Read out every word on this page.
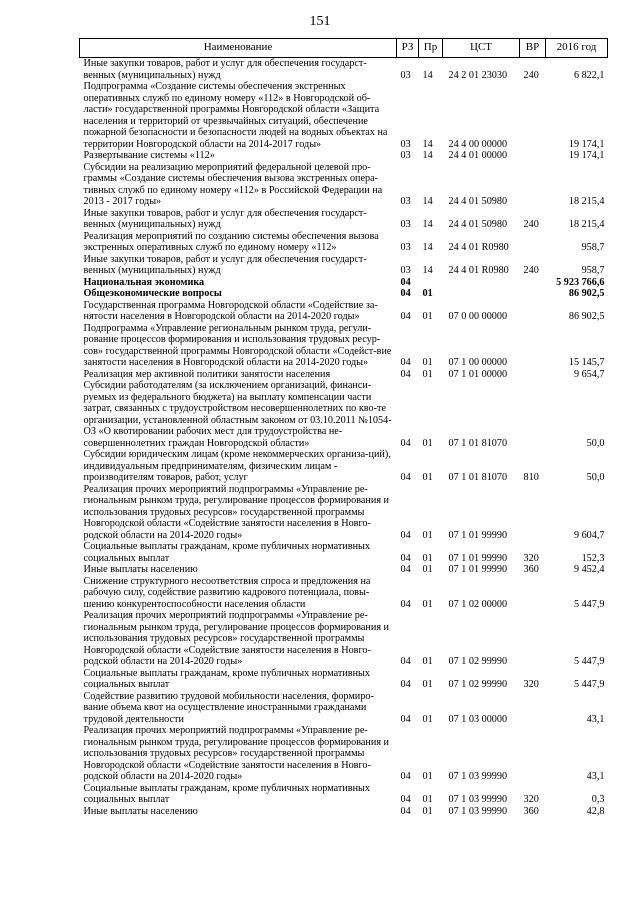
151
Наименование	РЗ	Пр	ЦСТ	ВР	2016 год
Иные закупки товаров, работ и услуг для обеспечения государст-венных (муниципальных) нужд	03	14	24 2 01 23030	240	6 822,1
Подпрограмма «Создание системы обеспечения экстренных оперативных служб по единому номеру «112» в Новгородской об-ласти» государственной программы Новгородской области «Защита населения и территорий от чрезвычайных ситуаций, обеспечение пожарной безопасности и безопасности людей на водных объектах на территории Новгородской области на 2014-2017 годы»	03	14	24 4 00 00000		19 174,1
Развертывание системы «112»	03	14	24 4 01 00000		19 174,1
Субсидии на реализацию мероприятий федеральной целевой про-граммы «Создание системы обеспечения вызова экстренных опера-тивных служб по единому номеру «112» в Российской Федерации на 2013 - 2017 годы»	03	14	24 4 01 50980		18 215,4
Иные закупки товаров, работ и услуг для обеспечения государст-венных (муниципальных) нужд	03	14	24 4 01 50980	240	18 215,4
Реализация мероприятий по созданию системы обеспечения вызова экстренных оперативных служб по единому номеру «112»	03	14	24 4 01 R0980		958,7
Иные закупки товаров, работ и услуг для обеспечения государст-венных (муниципальных) нужд	03	14	24 4 01 R0980	240	958,7
Национальная экономика	04				5 923 766,6
Общеэкономические вопросы	04	01			86 902,5
Государственная программа Новгородской области «Содействие за-нятости населения в Новгородской области на 2014-2020 годы»	04	01	07 0 00 00000		86 902,5
Подпрограмма «Управление региональным рынком труда, регули-рование процессов формирования и использования трудовых ресур-сов» государственной программы Новгородской области «Содейст-вие занятости населения в Новгородской области на 2014-2020 годы»	04	01	07 1 00 00000		15 145,7
Реализация мер активной политики занятости населения	04	01	07 1 01 00000		9 654,7
Субсидии работодателям (за исключением организаций, финанси-руемых из федерального бюджета) на выплату компенсации части затрат, связанных с трудоустройством несовершеннолетних по кво-те организации, установленной областным законом от 03.10.2011 №1054-ОЗ «О квотировании рабочих мест для трудоустройства не-совершеннолетних граждан Новгородской области»	04	01	07 1 01 81070		50,0
Субсидии юридическим лицам (кроме некоммерческих организа-ций), индивидуальным предпринимателям, физическим лицам - производителям товаров, работ, услуг	04	01	07 1 01 81070	810	50,0
Реализация прочих мероприятий подпрограммы «Управление ре-гиональным рынком труда, регулирование процессов формирования и использования трудовых ресурсов» государственной программы Новгородской области «Содействие занятости населения в Новго-родской области на 2014-2020 годы»	04	01	07 1 01 99990		9 604,7
Социальные выплаты гражданам, кроме публичных нормативных социальных выплат	04	01	07 1 01 99990	320	152,3
Иные выплаты населению	04	01	07 1 01 99990	360	9 452,4
Снижение структурного несоответствия спроса и предложения на рабочую силу, содействие развитию кадрового потенциала, повы-шению конкурентоспособности населения области	04	01	07 1 02 00000		5 447,9
Реализация прочих мероприятий подпрограммы «Управление ре-гиональным рынком труда, регулирование процессов формирования и использования трудовых ресурсов» государственной программы Новгородской области «Содействие занятости населения в Новго-родской области на 2014-2020 годы»	04	01	07 1 02 99990		5 447,9
Социальные выплаты гражданам, кроме публичных нормативных социальных выплат	04	01	07 1 02 99990	320	5 447,9
Содействие развитию трудовой мобильности населения, формиро-вание объема квот на осуществление иностранными гражданами трудовой деятельности	04	01	07 1 03 00000		43,1
Реализация прочих мероприятий подпрограммы «Управление ре-гиональным рынком труда, регулирование процессов формирования и использования трудовых ресурсов» государственной программы Новгородской области «Содействие занятости населения в Новго-родской области на 2014-2020 годы»	04	01	07 1 03 99990		43,1
Социальные выплаты гражданам, кроме публичных нормативных социальных выплат	04	01	07 1 03 99990	320	0,3
Иные выплаты населению	04	01	07 1 03 99990	360	42,8
